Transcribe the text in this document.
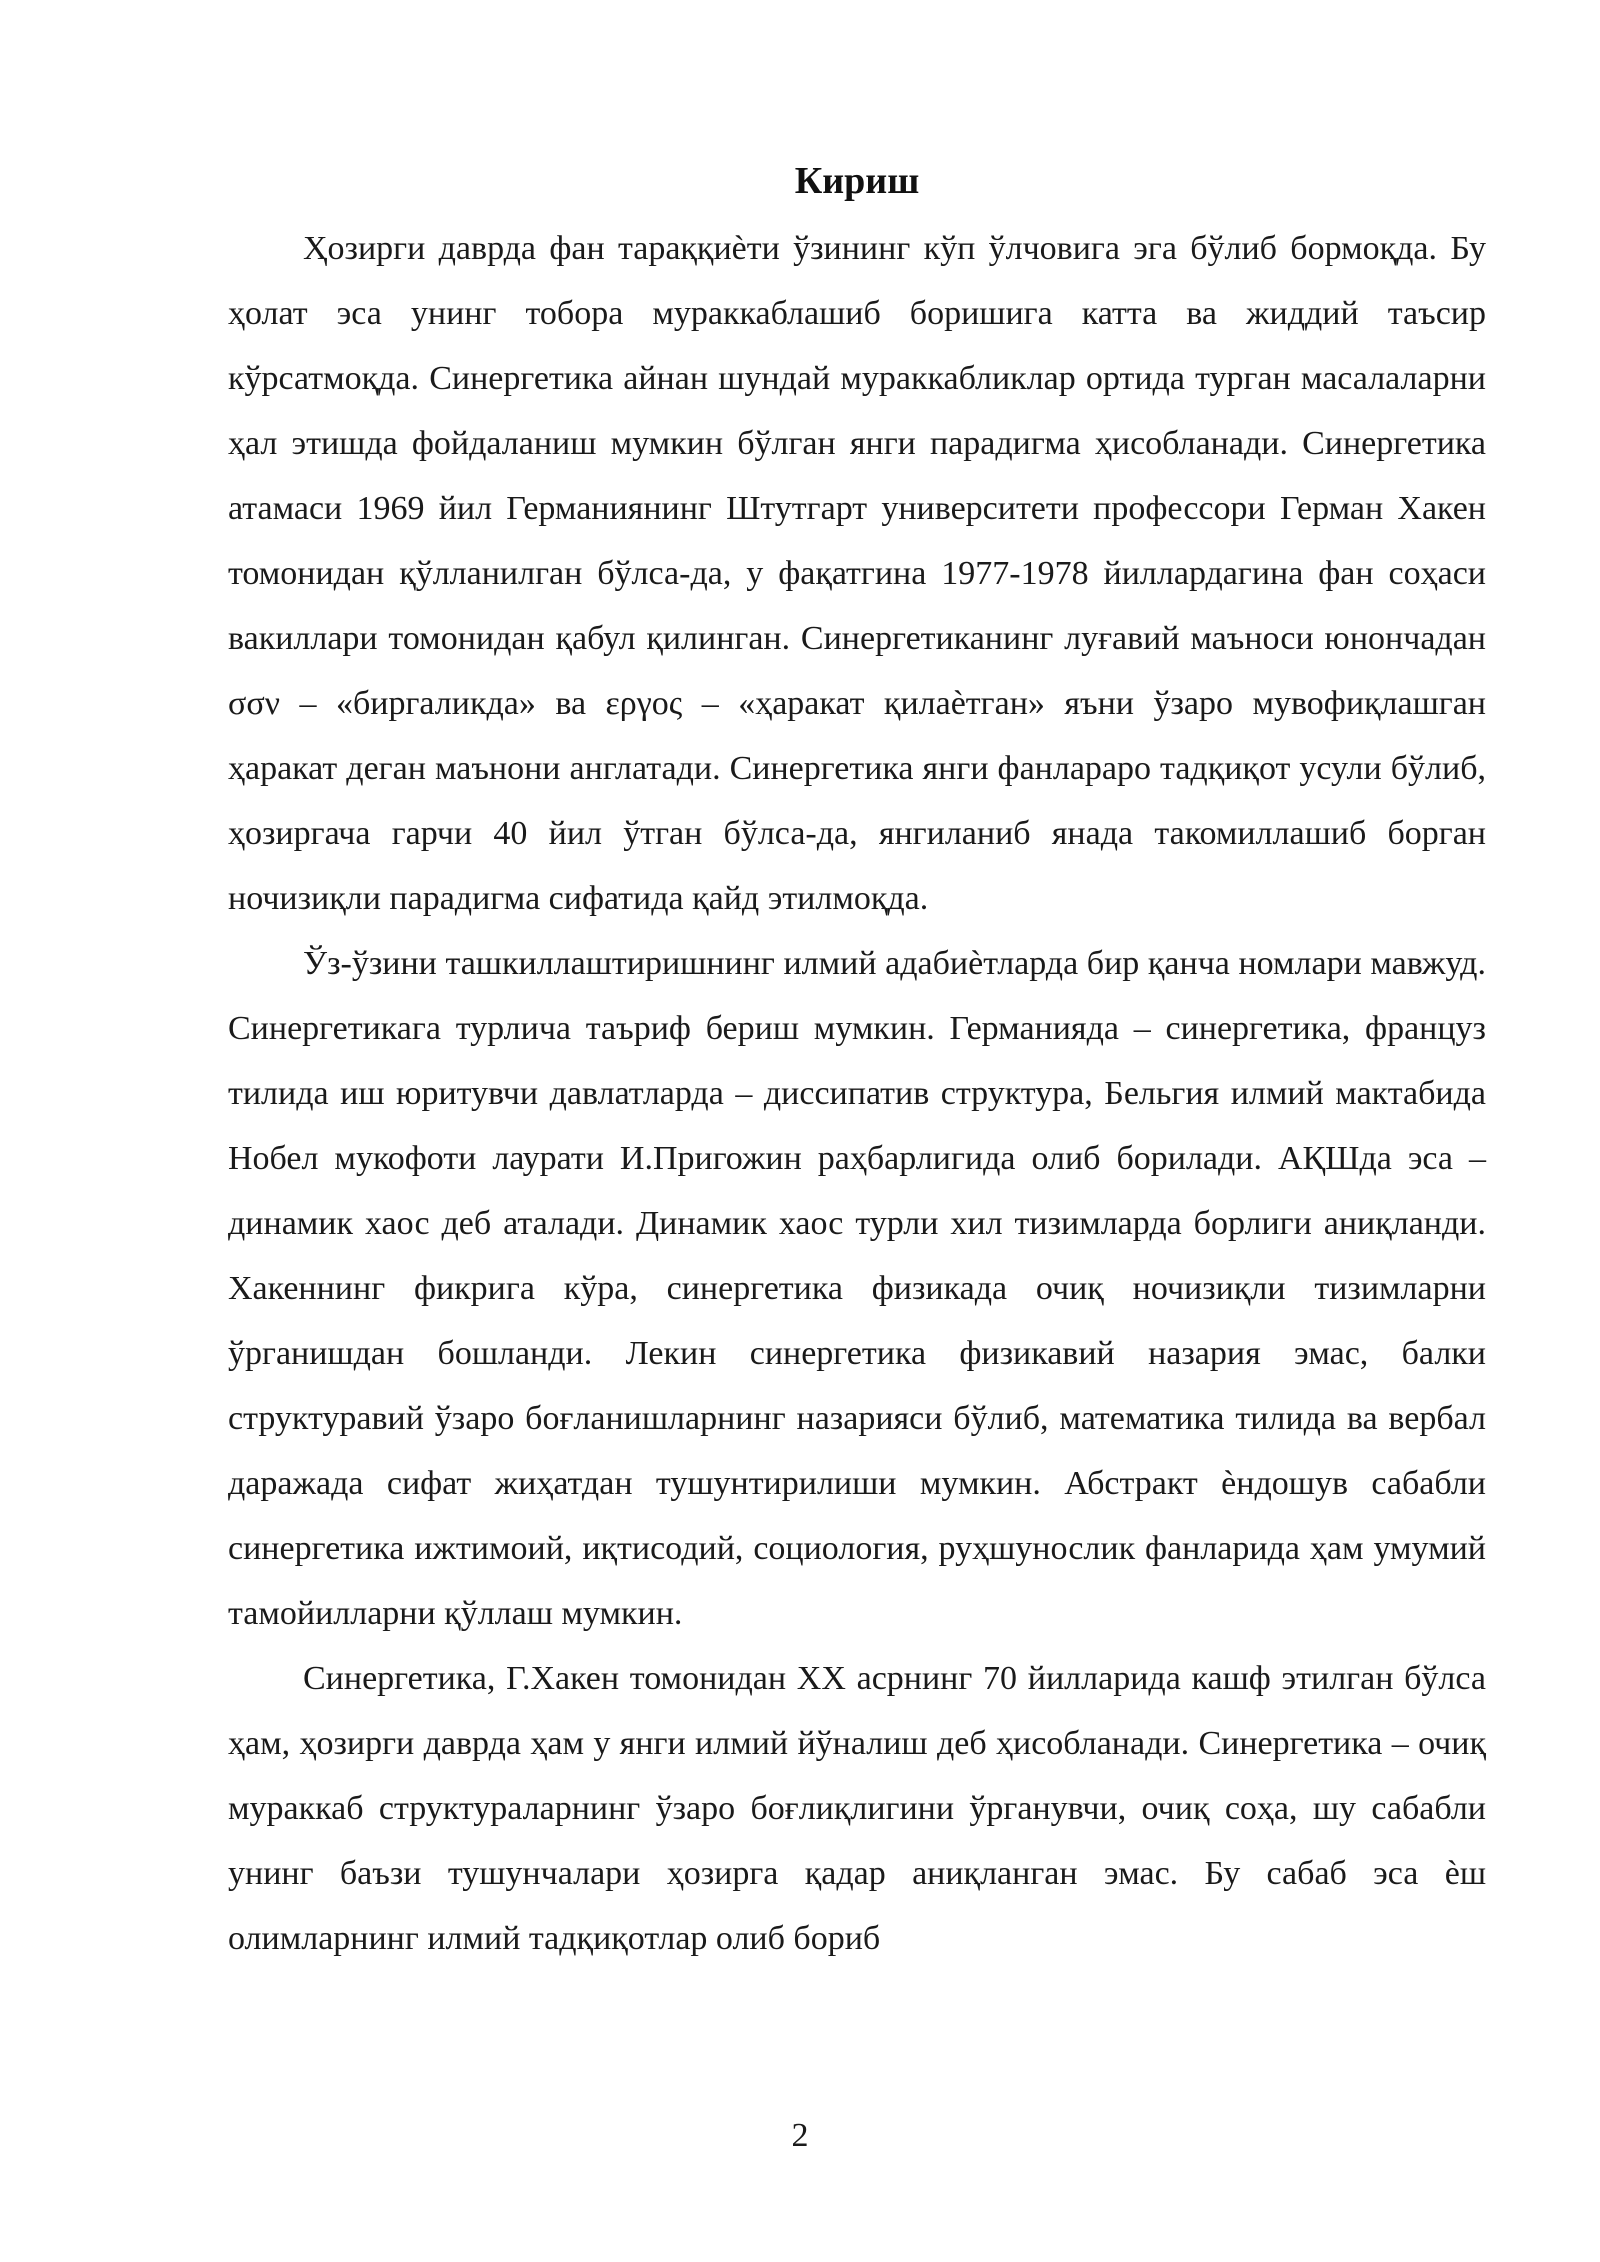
Кириш

Ҳозирги даврда фан тараққиѐти ўзининг кўп ўлчовига эга бўлиб бормоқда. Бу ҳолат эса унинг тобора мураккаблашиб боришига катта ва жиддий таъсир кўрсатмоқда. Синергетика айнан шундай мураккабликлар ортида турган масалаларни ҳал этишда фойдаланиш мумкин бўлган янги парадигма ҳисобланади. Синергетика атамаси 1969 йил Германиянинг Штутгарт университети профессори Герман Хакен томонидан қўлланилган бўлса-да, у фақатгина 1977-1978 йиллардагина фан соҳаси вакиллари томонидан қабул қилинган. Синергетиканинг луғавий маъноси юнончадан σσν – «биргаликда» ва εργος – «ҳаракат қилаѐтган» яъни ўзаро мувофиқлашган ҳаракат деган маънони англатади. Синергетика янги фанлараро тадқиқот усули бўлиб, ҳозиргача гарчи 40 йил ўтган бўлса-да, янгиланиб янада такомиллашиб борган ночизиқли парадигма сифатида қайд этилмоқда.

Ўз-ўзини ташкиллаштиришнинг илмий адабиѐтларда бир қанча номлари мавжуд. Синергетикага турлича таъриф бериш мумкин. Германияда – синергетика, француз тилида иш юритувчи давлатларда – диссипатив структура, Бельгия илмий мактабида Нобел мукофоти лаурати И.Пригожин раҳбарлигида олиб борилади. АҚШда эса – динамик хаос деб аталади. Динамик хаос турли хил тизимларда борлиги аниқланди. Хакеннинг фикрига кўра, синергетика физикада очиқ ночизиқли тизимларни ўрганишдан бошланди. Лекин синергетика физикавий назария эмас, балки структуравий ўзаро боғланишларнинг назарияси бўлиб, математика тилида ва вербал даражада сифат жиҳатдан тушунтирилиши мумкин. Абстракт ѐндошув сабабли синергетика ижтимоий, иқтисодий, социология, руҳшунослик фанларида ҳам умумий тамойилларни қўллаш мумкин.

Синергетика, Г.Хакен томонидан XX асрнинг 70 йилларида кашф этилган бўлса ҳам, ҳозирги даврда ҳам у янги илмий йўналиш деб ҳисобланади. Синергетика – очиқ мураккаб структураларнинг ўзаро боғлиқлигини ўрганувчи, очиқ соҳа, шу сабабли унинг баъзи тушунчалари ҳозирга қадар аниқланган эмас. Бу сабаб эса ѐш олимларнинг илмий тадқиқотлар олиб бориб

2
